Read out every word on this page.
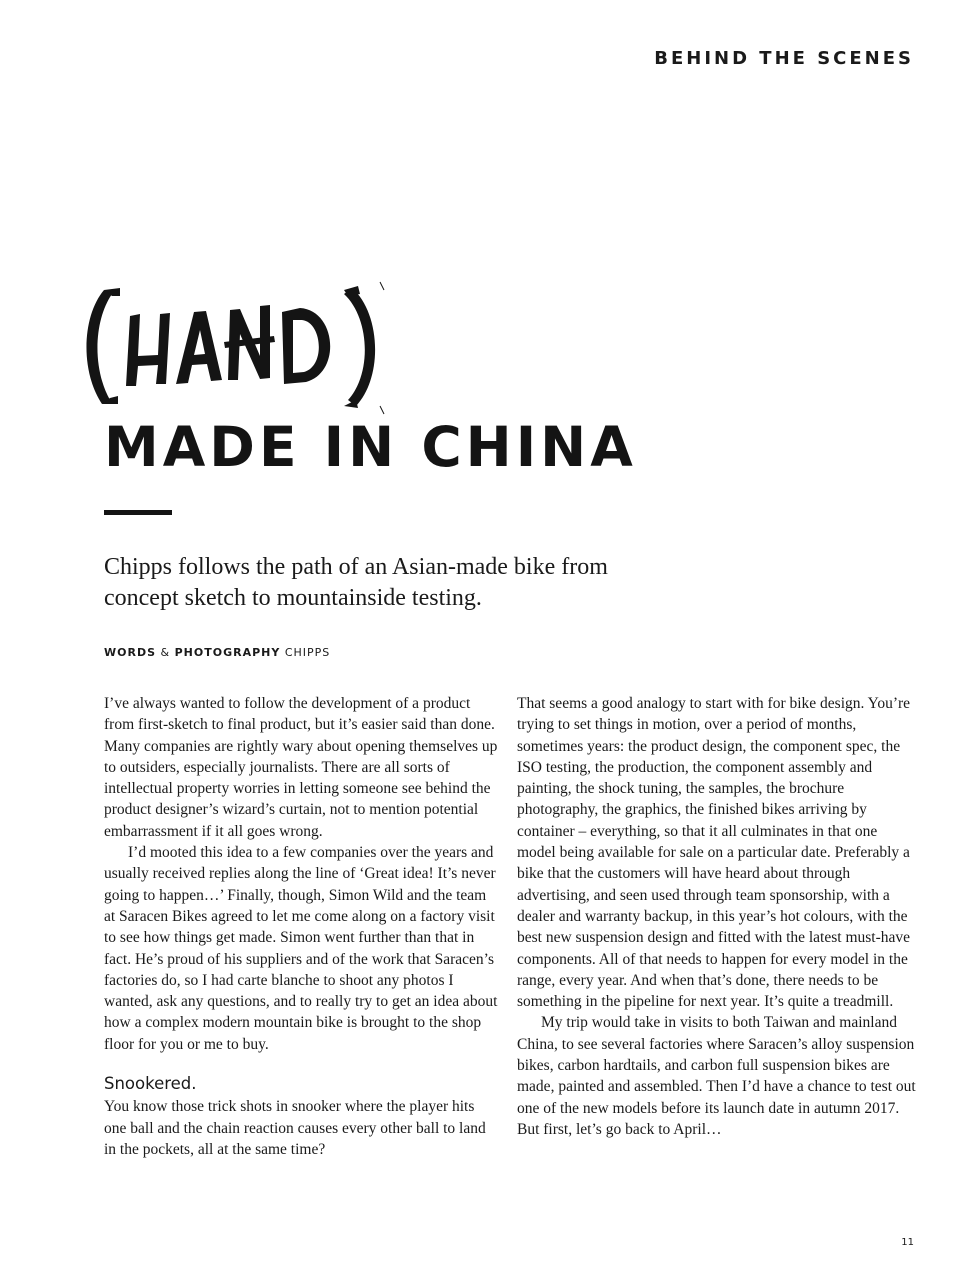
BEHIND THE SCENES
MADE IN CHINA
Chipps follows the path of an Asian-made bike from concept sketch to mountainside testing.
WORDS & PHOTOGRAPHY CHIPPS

I’ve always wanted to follow the development of a product from first-sketch to final product, but it’s easier said than done. Many companies are rightly wary about opening themselves up to outsiders, especially journalists. There are all sorts of intellectual property worries in letting someone see behind the product designer’s wizard’s curtain, not to mention potential embarrassment if it all goes wrong.

I’d mooted this idea to a few companies over the years and usually received replies along the line of ‘Great idea! It’s never going to happen…’ Finally, though, Simon Wild and the team at Saracen Bikes agreed to let me come along on a factory visit to see how things get made. Simon went further than that in fact. He’s proud of his suppliers and of the work that Saracen’s factories do, so I had carte blanche to shoot any photos I wanted, ask any questions, and to really try to get an idea about how a complex modern mountain bike is brought to the shop floor for you or me to buy.

Snookered.

You know those trick shots in snooker where the player hits one ball and the chain reaction causes every other ball to land in the pockets, all at the same time?

That seems a good analogy to start with for bike design. You’re trying to set things in motion, over a period of months, sometimes years: the product design, the component spec, the ISO testing, the production, the component assembly and painting, the shock tuning, the samples, the brochure photography, the graphics, the finished bikes arriving by container – everything, so that it all culminates in that one model being available for sale on a particular date. Preferably a bike that the customers will have heard about through advertising, and seen used through team sponsorship, with a dealer and warranty backup, in this year’s hot colours, with the best new suspension design and fitted with the latest must-have components. All of that needs to happen for every model in the range, every year. And when that’s done, there needs to be something in the pipeline for next year. It’s quite a treadmill.

My trip would take in visits to both Taiwan and mainland China, to see several factories where Saracen’s alloy suspension bikes, carbon hardtails, and carbon full suspension bikes are made, painted and assembled. Then I’d have a chance to test out one of the new models before its launch date in autumn 2017. But first, let’s go back to April…

11
